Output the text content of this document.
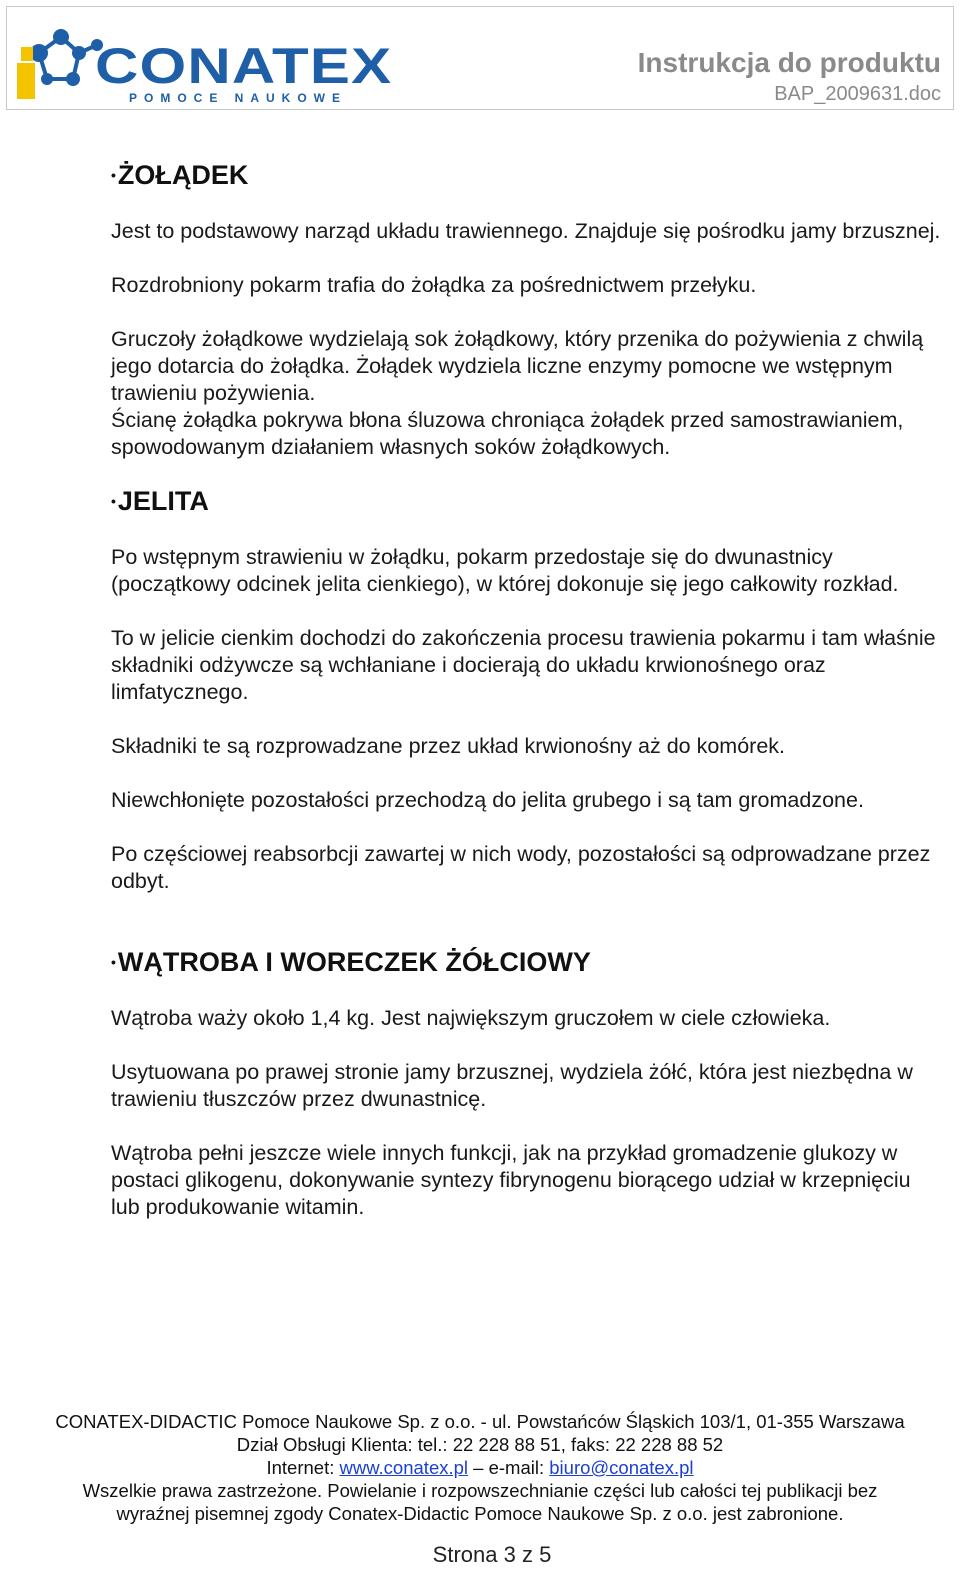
CONATEX
POMOCE NAUKOWE
Instrukcja do produktu
BAP_2009631.doc
• ŻOŁĄDEK

Jest to podstawowy narząd układu trawiennego. Znajduje się pośrodku jamy brzusznej.

Rozdrobniony pokarm trafia do żołądka za pośrednictwem przełyku.

Gruczoły żołądkowe wydzielają sok żołądkowy, który przenika do pożywienia z chwilą jego dotarcia do żołądka. Żołądek wydziela liczne enzymy pomocne we wstępnym trawieniu pożywienia.

Ścianę żołądka pokrywa błona śluzowa chroniąca żołądek przed samostrawianiem, spowodowanym działaniem własnych soków żołądkowych.

• JELITA

Po wstępnym strawieniu w żołądku, pokarm przedostaje się do dwunastnicy (początkowy odcinek jelita cienkiego), w której dokonuje się jego całkowity rozkład.

To w jelicie cienkim dochodzi do zakończenia procesu trawienia pokarmu i tam właśnie składniki odżywcze są wchłaniane i docierają do układu krwionośnego oraz limfatycznego.

Składniki te są rozprowadzane przez układ krwionośny aż do komórek.

Niewchłonięte pozostałości przechodzą do jelita grubego i są tam gromadzone.

Po częściowej reabsorbcji zawartej w nich wody, pozostałości są odprowadzane przez odbyt.

• WĄTROBA I WORECZEK ŻÓŁCIOWY

Wątroba waży około 1,4 kg. Jest największym gruczołem w ciele człowieka.

Usytuowana po prawej stronie jamy brzusznej, wydziela żółć, która jest niezbędna w trawieniu tłuszczów przez dwunastnicę.

Wątroba pełni jeszcze wiele innych funkcji, jak na przykład gromadzenie glukozy w postaci glikogenu, dokonywanie syntezy fibrynogenu biorącego udział w krzepnięciu lub produkowanie witamin.

CONATEX-DIDACTIC Pomoce Naukowe Sp. z o.o. - ul. Powstańców Śląskich 103/1, 01-355 Warszawa
Dział Obsługi Klienta: tel.: 22 228 88 51, faks: 22 228 88 52
Internet: www.conatex.pl – e-mail: biuro@conatex.pl
Wszelkie prawa zastrzeżone. Powielanie i rozpowszechnianie części lub całości tej publikacji bez
wyraźnej pisemnej zgody Conatex-Didactic Pomoce Naukowe Sp. z o.o. jest zabronione.
Strona 3 z 5
